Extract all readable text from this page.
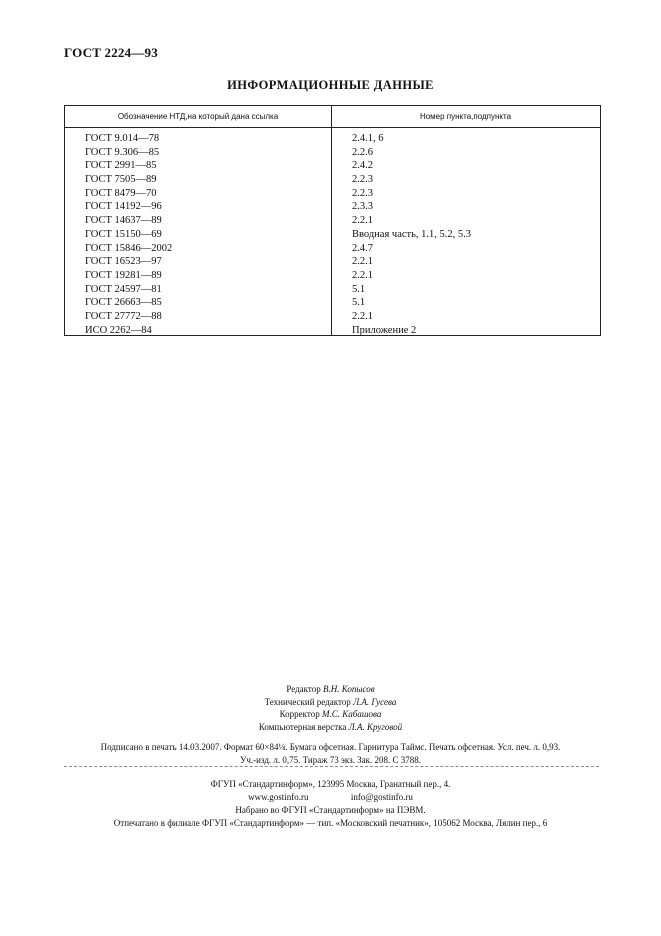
ГОСТ 2224—93
ИНФОРМАЦИОННЫЕ ДАННЫЕ
Обозначение НТД,на который дана ссылка	Номер пункта,подпункта
ГОСТ 9.014—78	2.4.1, 6
ГОСТ 9.306—85	2.2.6
ГОСТ 2991—85	2.4.2
ГОСТ 7505—89	2.2.3
ГОСТ 8479—70	2.2.3
ГОСТ 14192—96	2.3.3
ГОСТ 14637—89	2.2.1
ГОСТ 15150—69	Вводная часть, 1.1, 5.2, 5.3
ГОСТ 15846—2002	2.4.7
ГОСТ 16523—97	2.2.1
ГОСТ 19281—89	2.2.1
ГОСТ 24597—81	5.1
ГОСТ 26663—85	5.1
ГОСТ 27772—88	2.2.1
ИСО 2262—84	Приложение 2
Редактор В.Н. Копысов
Технический редактор Л.А. Гусева
Корректор М.С. Кабашова
Компьютерная верстка Л.А. Круговой
Подписано в печать 14.03.2007. Формат 60×84⅛. Бумага офсетная. Гарнитура Таймс. Печать офсетная. Усл. печ. л. 0,93.
Уч.-изд. л. 0,75. Тираж 73 экз. Зак. 208. С 3788.
ФГУП «Стандартинформ», 123995 Москва, Гранатный пер., 4.
www.gostinfo.ru	info@gostinfo.ru
Набрано во ФГУП «Стандартинформ» на ПЭВМ.
Отпечатано в филиале ФГУП «Стандартинформ» — тип. «Московский печатник», 105062 Москва, Лялин пер., 6
